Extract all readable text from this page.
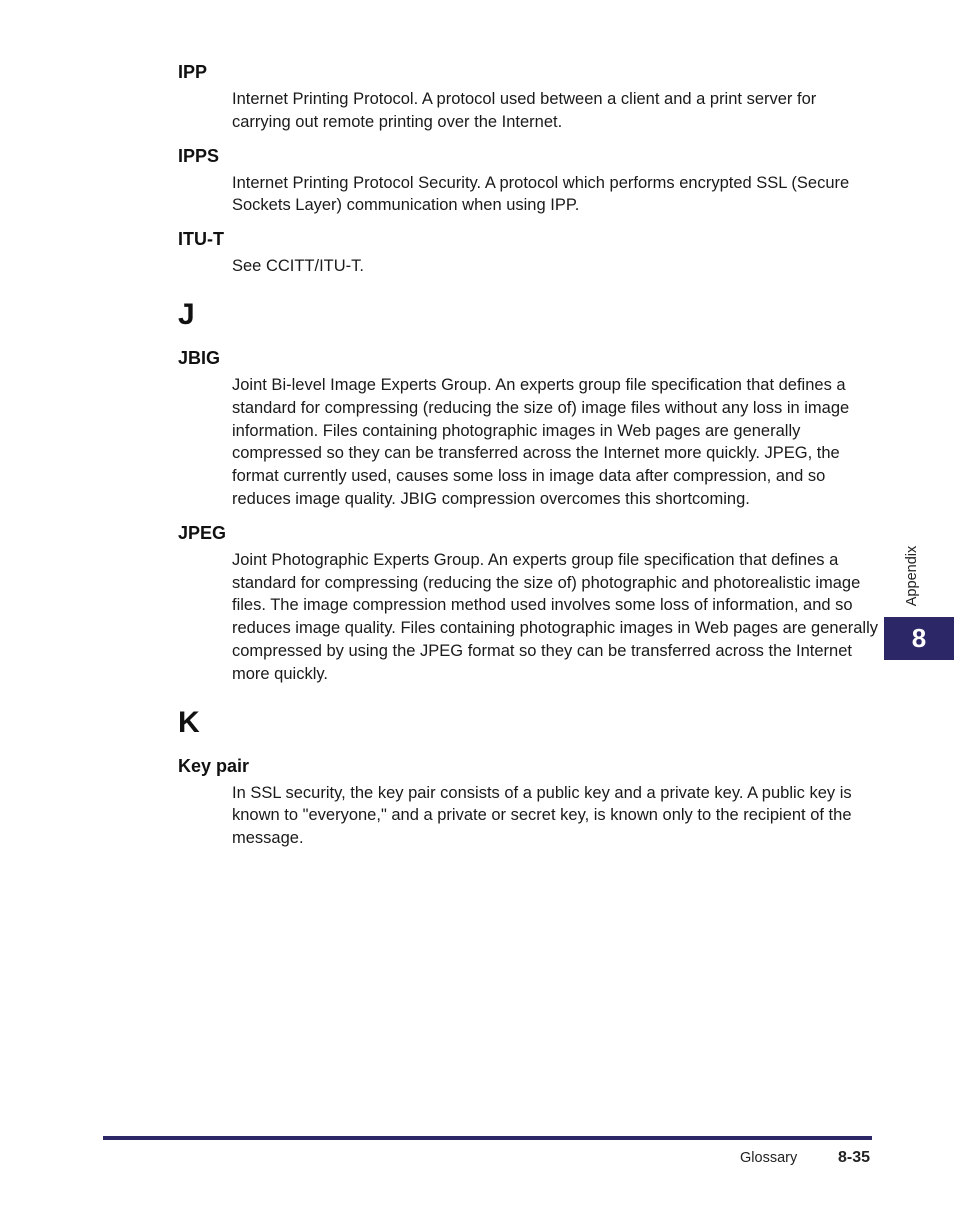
IPP

Internet Printing Protocol. A protocol used between a client and a print server for carrying out remote printing over the Internet.

IPPS

Internet Printing Protocol Security. A protocol which performs encrypted SSL (Secure Sockets Layer) communication when using IPP.

ITU-T

See CCITT/ITU-T.

J

JBIG

Joint Bi-level Image Experts Group. An experts group file specification that defines a standard for compressing (reducing the size of) image files without any loss in image information. Files containing photographic images in Web pages are generally compressed so they can be transferred across the Internet more quickly. JPEG, the format currently used, causes some loss in image data after compression, and so reduces image quality. JBIG compression overcomes this shortcoming.

JPEG

Joint Photographic Experts Group. An experts group file specification that defines a standard for compressing (reducing the size of) photographic and photorealistic image files. The image compression method used involves some loss of information, and so reduces image quality. Files containing photographic images in Web pages are generally compressed by using the JPEG format so they can be transferred across the Internet more quickly.

K

Key pair

In SSL security, the key pair consists of a public key and a private key. A public key is known to "everyone," and a private or secret key, is known only to the recipient of the message.

Appendix
8
Glossary	8-35
